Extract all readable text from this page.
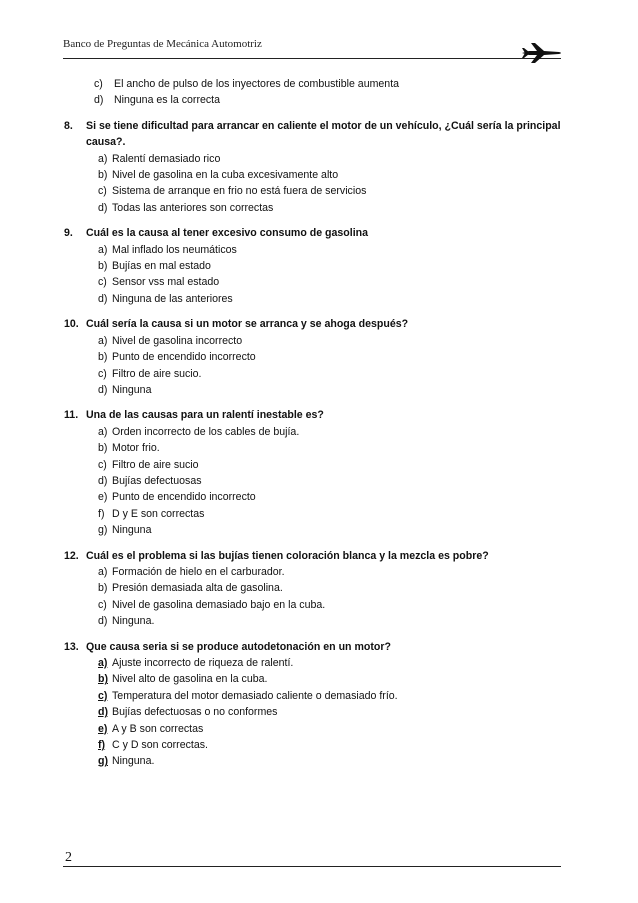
Banco de Preguntas de Mecánica Automotriz
c)	El ancho de pulso de los inyectores de combustible aumenta
d) Ninguna es la correcta
8.	Si se tiene dificultad para arrancar en caliente el motor de un vehículo, ¿Cuál sería la principal causa?.
a) Ralentí demasiado rico
b) Nivel de gasolina en la cuba excesivamente alto
c) Sistema de arranque en frio no está fuera de servicios
d) Todas las anteriores son correctas
9.	Cuál es la causa al tener excesivo consumo de gasolina
a) Mal inflado los neumáticos
b) Bujías en mal estado
c) Sensor vss mal estado
d) Ninguna de las anteriores
10. Cuál sería la causa si un motor se arranca y se ahoga después?
a) Nivel de gasolina incorrecto
b) Punto de encendido incorrecto
c) Filtro de aire sucio.
d) Ninguna
11. Una de las causas para un ralentí inestable es?
a) Orden incorrecto de los cables de bujía.
b) Motor frio.
c) Filtro de aire sucio
d) Bujías defectuosas
e) Punto de encendido incorrecto
f) D y E son correctas
g) Ninguna
12. Cuál es el problema si las bujías tienen coloración blanca y la mezcla es pobre?
a) Formación de hielo en el carburador.
b) Presión demasiada alta de gasolina.
c) Nivel de gasolina demasiado bajo en la cuba.
d) Ninguna.
13. Que causa seria si se produce autodetonación en un motor?
a) Ajuste incorrecto de riqueza de ralentí.
b) Nivel alto de gasolina en la cuba.
c) Temperatura del motor demasiado caliente o demasiado frío.
d) Bujías defectuosas o no conformes
e) A y B son correctas
f) C y D son correctas.
g) Ninguna.
2
